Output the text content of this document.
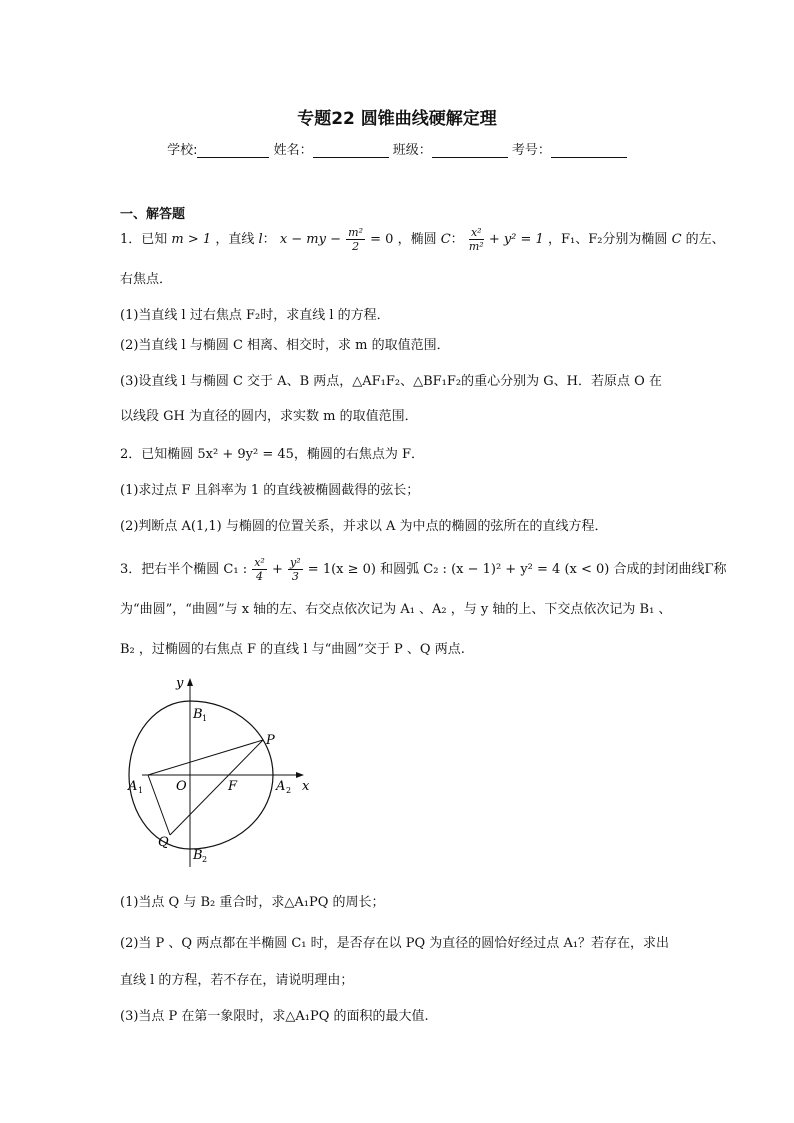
专题22 圆锥曲线硬解定理
学校:	姓名：	班级：	考号：
一、解答题
1．已知 m > 1 ，直线 l： x − my − $\frac{\text{m²}}{2} = 0$ ，椭圆 C： $\frac{\text{x²}}{\text{m²}} + y^2 = 1$ ，F₁、F₂分别为椭圆 C 的左、
右焦点．
(1)当直线 l 过右焦点 F₂时，求直线 l 的方程．
(2)当直线 l 与椭圆 C 相离、相交时，求 m 的取值范围．
(3)设直线 l 与椭圆 C 交于 A、B 两点，△AF₁F₂、△BF₁F₂的重心分别为 G、H．若原点 O 在
以线段 GH 为直径的圆内，求实数 m 的取值范围．
2．已知椭圆 5x² + 9y² = 45，椭圆的右焦点为 F．
(1)求过点 F 且斜率为 1 的直线被椭圆截得的弦长；
(2)判断点 A(1,1) 与椭圆的位置关系，并求以 A 为中点的椭圆的弦所在的直线方程．
3．把右半个椭圆 C₁ : $\frac{\text{x²}}{4} + \frac{\text{y²}}{3} = 1(x \ge 0)$ 和圆弧 C₂ : (x − 1)² + y² = 4 (x < 0) 合成的封闭曲线Γ称
为“曲圆”，“曲圆”与 x 轴的左、右交点依次记为 A₁ 、A₂ ，与 y 轴的上、下交点依次记为 B₁ 、
B₂ ，过椭圆的右焦点 F 的直线 l 与“曲圆”交于 P 、Q 两点.
y
x
O	F
P
Q
A 1	A 2
B 1
B 2
(1)当点 Q 与 B₂ 重合时，求△A₁PQ 的周长；
(2)当 P 、Q 两点都在半椭圆 C₁ 时，是否存在以 PQ 为直径的圆恰好经过点 A₁？若存在，求出
直线 l 的方程，若不存在，请说明理由；
(3)当点 P 在第一象限时，求△A₁PQ 的面积的最大值.
